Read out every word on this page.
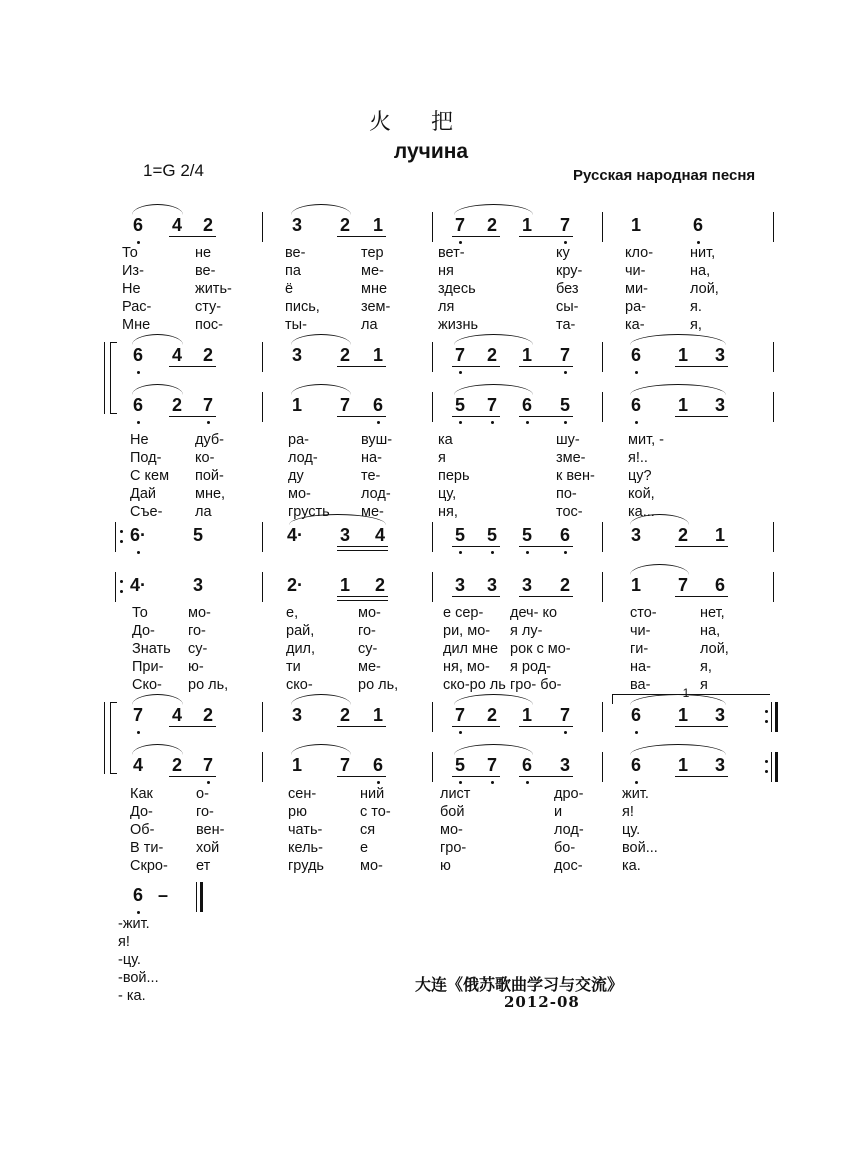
火把
лучина
1=G 2/4	Русская народная песня
大连《俄苏歌曲学习与交流》
2012-08
6 4 2	3 2 1	7 2 1 7	1	6
6 4 2	3 2 1	7 2 1 7	6 1 3
6 2 7	1 7 6	5 7 6 5	6 1 3
6·	5	4· 3 4	5 5 5 6	3 2 1
4·	3	2· 1 2	3 3 3 2	1 7 6
7 4 2	3 2 1	7 2 1 7	6 1 3
4 2 7	1 7 6	5 7 6 3	6 1 3
6 –
1
То	не	ве-	тер	вет-	ку	кло-	нит,
Из-	ве-	па	ме-	ня	кру-	чи-	на,
Не	жить-	ё	мне	здесь	без	ми-	лой,
Рас-	сту-	пись,	зем-	ля	сы-	ра-	я.
Мне	пос-	ты-	ла	жизнь	та-	ка-	я,
Не	дуб-	ра-	вуш-	ка	шу-	мит, -
Под- ко-	лод-	на-	я	зме-	я!..
С кем пой-	ду	те-	перь	к вен- цу?
Дай	мне,	мо-	лод-	цу,	по-	кой,
Съе- ла	грусть ме-	ня,	тос-	ка...
То	мо-	е,	мо-	е сер- деч- ко	сто-	нет,
До- го-	рай,	го-	ри, мо- я лу-	чи-	на,
Знать су-	дил,	су-	дил мне рок с мо-	ги-	лой,
При- ю-	ти	ме-	ня, мо- я род-	на-	я,
Ско- ро ль,	ско-	ро ль,	ско-ро ль гро- бо-	ва-	я
Как	о-	сен-	ний	лист	дро-	жит.
До-	го-	рю	с то-	бой	и	я!
Об-	вен-	чать-	ся	мо-	лод-	цу.
В ти- хой	кель-	е	гро-	бо-	вой...
Скро- ет	грудь мо-	ю	дос-	ка.
-жит.
я!
-цу.
-вой...
- ка.
